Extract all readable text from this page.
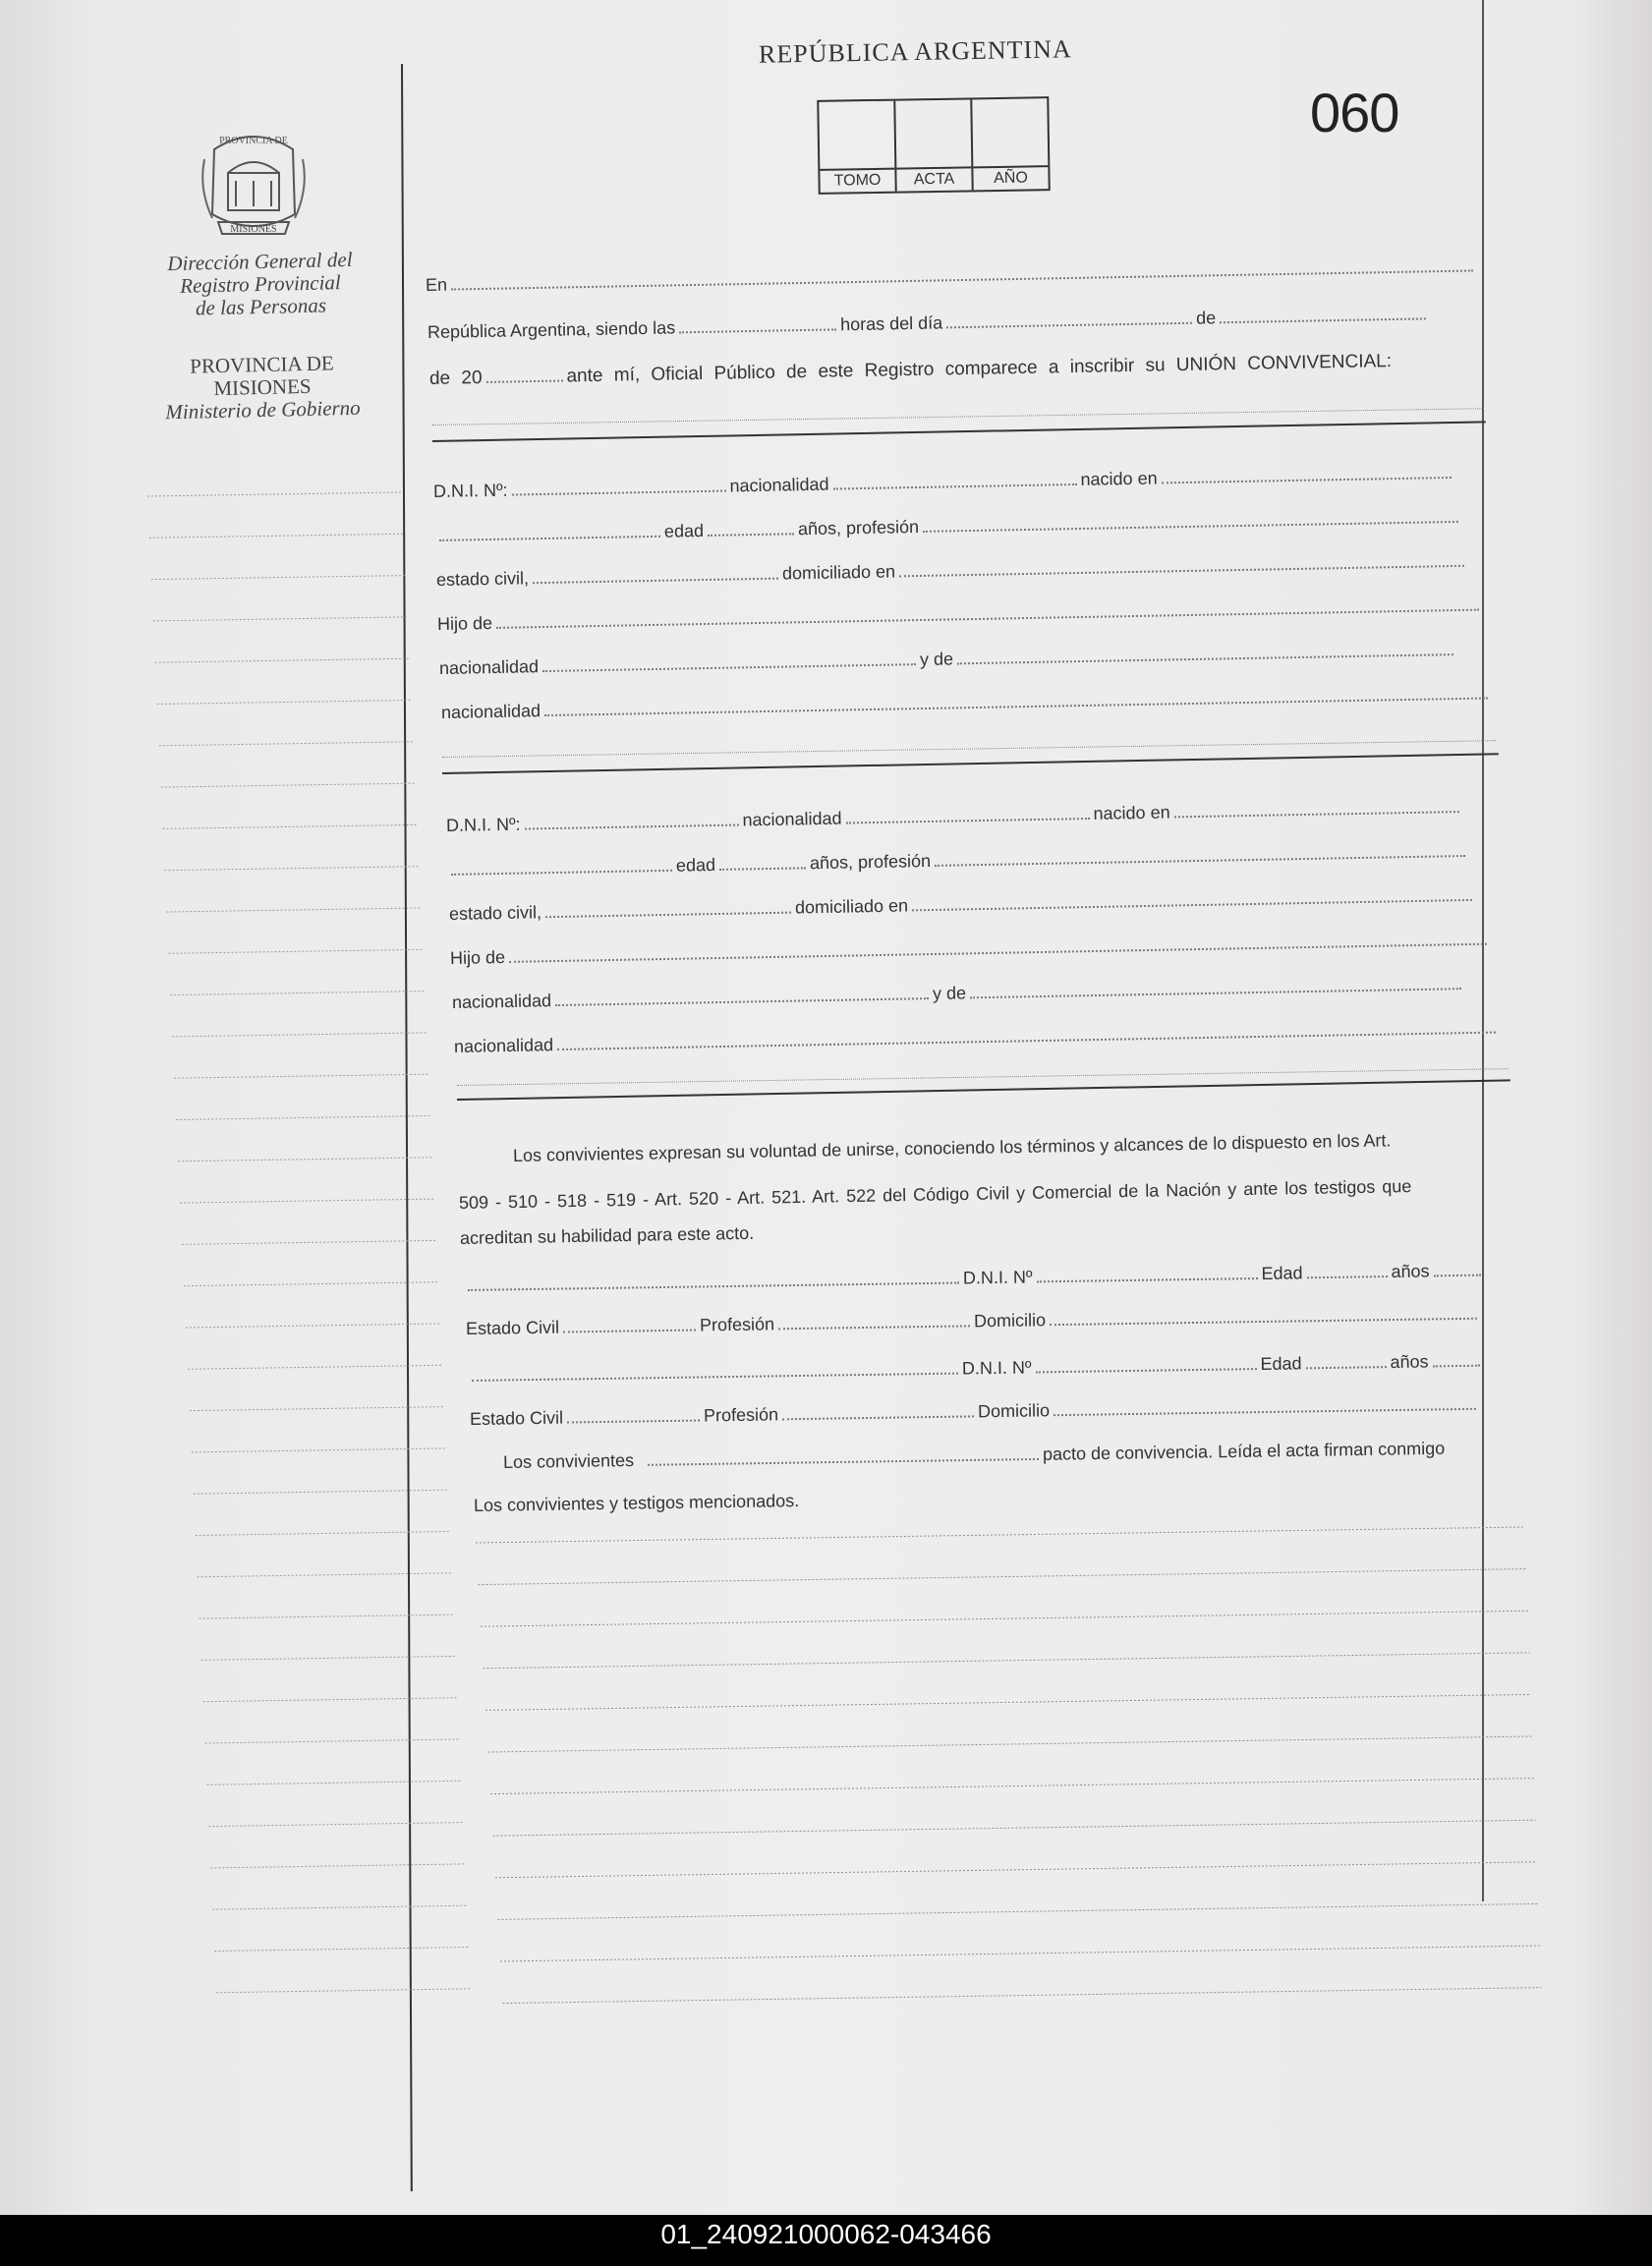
REPÚBLICA ARGENTINA
060
TOMO	ACTA	AÑO
PROVINCIA DE
MISIONES
Dirección General del
Registro Provincial
de las Personas
PROVINCIA DE
MISIONES
Ministerio de Gobierno
En
República Argentina, siendo las	horas del día	de
de 20	ante mí, Oficial Público de este Registro comparece a inscribir su UNIÓN CONVIVENCIAL:
D.N.I. Nº:	nacionalidad	nacido en
edad	años, profesión
estado civil,	domiciliado en
Hijo de
nacionalidad	y de
nacionalidad
D.N.I. Nº:	nacionalidad	nacido en
edad	años, profesión
estado civil,	domiciliado en
Hijo de
nacionalidad	y de
nacionalidad
Los convivientes expresan su voluntad de unirse, conociendo los términos y alcances de lo dispuesto en los Art.
509 - 510 - 518 - 519 - Art. 520 - Art. 521. Art. 522 del Código Civil y Comercial de la Nación y ante los testigos que
acreditan su habilidad para este acto.
D.N.I. Nº	Edad	años
Estado Civil	Profesión	Domicilio
D.N.I. Nº	Edad	años
Estado Civil	Profesión	Domicilio
Los convivientes	pacto de convivencia. Leída el acta firman conmigo
Los convivientes y testigos mencionados.
01_240921000062-043466
